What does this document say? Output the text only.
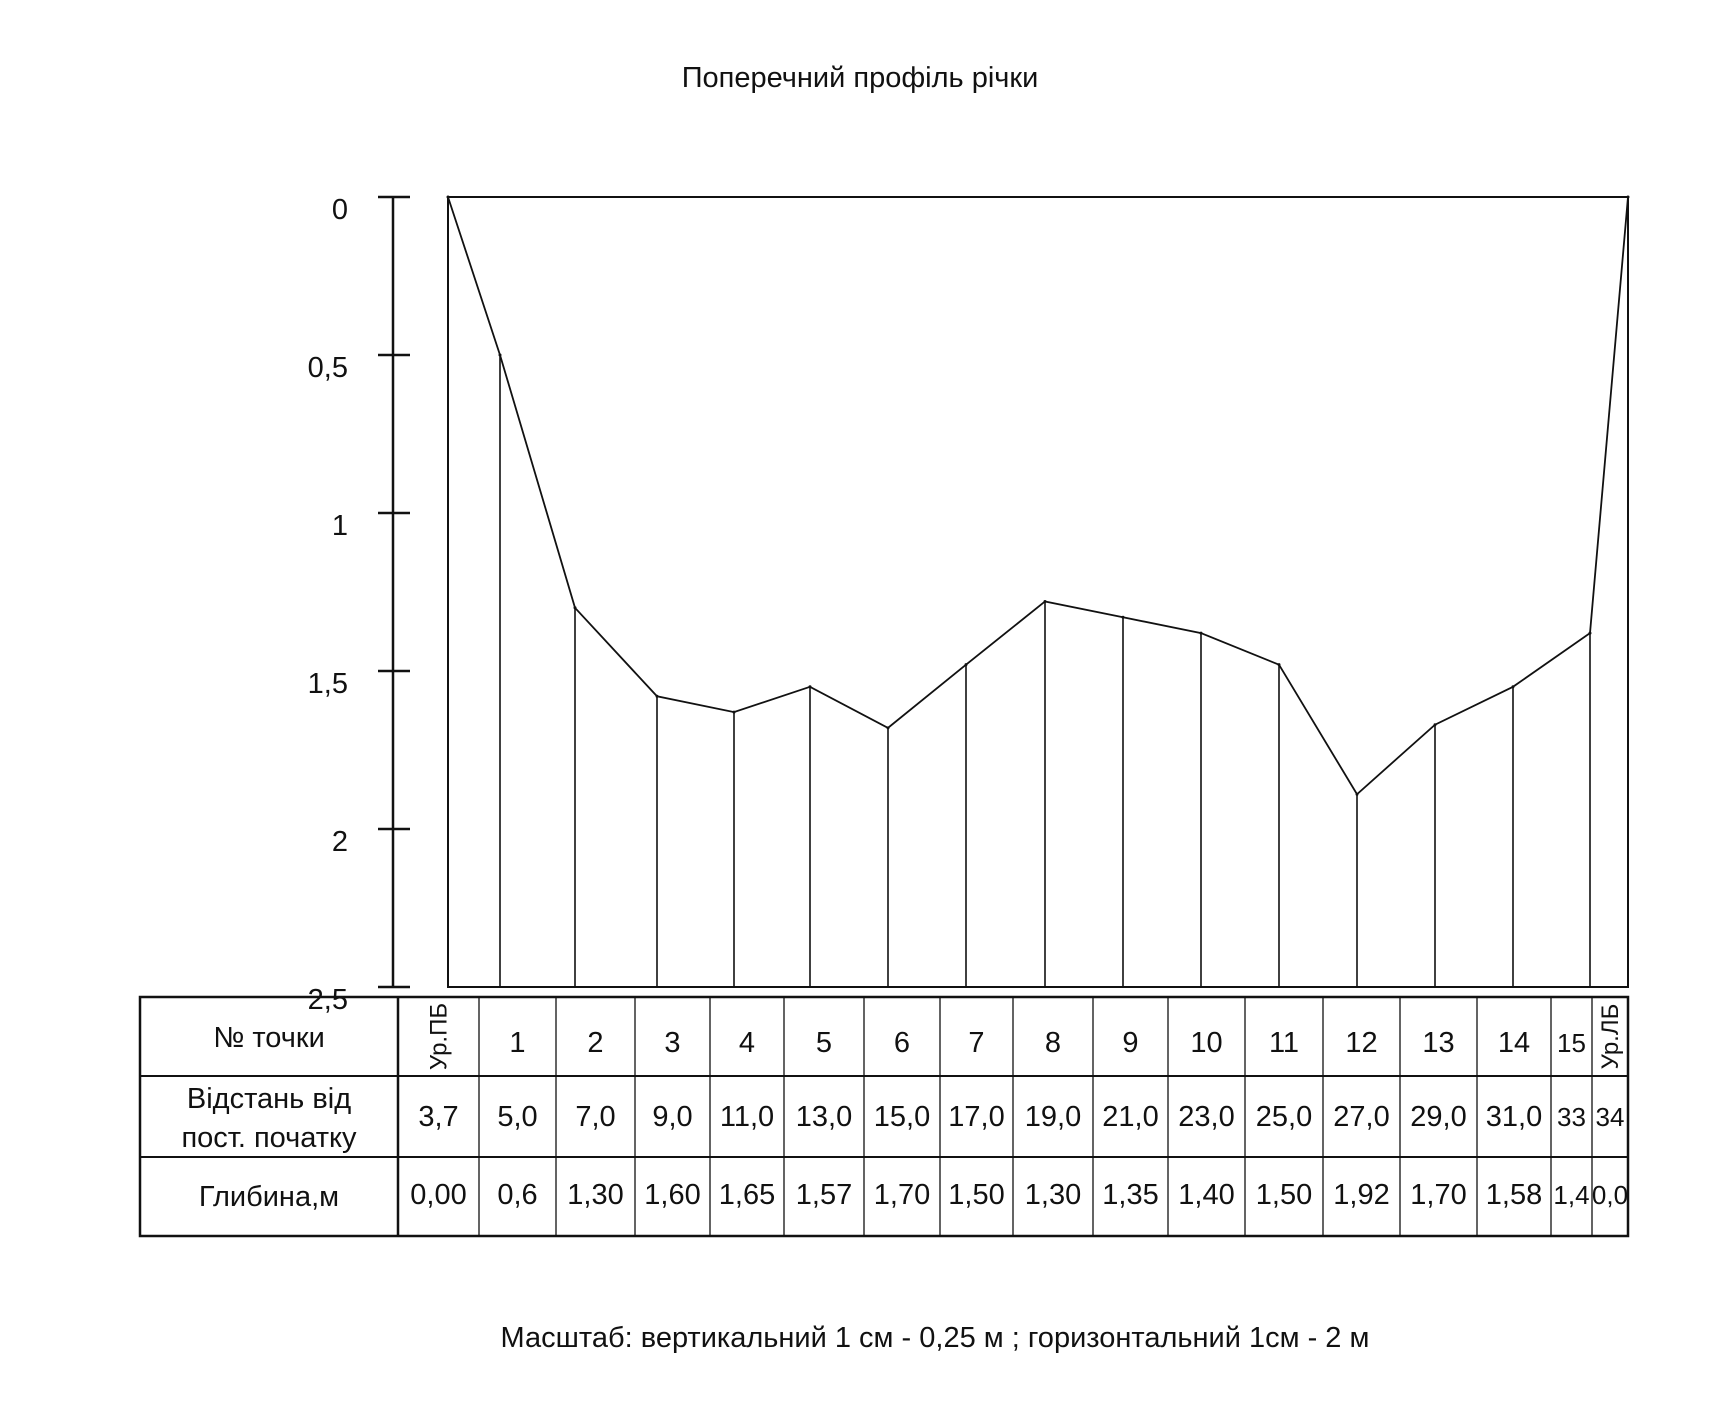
Поперечний профіль річки
0
0,5
1
1,5
2
2,5
№ точки
Відстань від
пост. початку
Глибина,м
Ур.ПБ
3,7
0,00
1
5,0
0,6
2
7,0
1,30
3
9,0
1,60
4
11,0
1,65
5
13,0
1,57
6
15,0
1,70
7
17,0
1,50
8
19,0
1,30
9
21,0
1,35
10
23,0
1,40
11
25,0
1,50
12
27,0
1,92
13
29,0
1,70
14
31,0
1,58
15
33
1,4
Ур.ЛБ
34
0,0
Масштаб: вертикальний 1 см - 0,25 м ; горизонтальний 1см - 2 м
